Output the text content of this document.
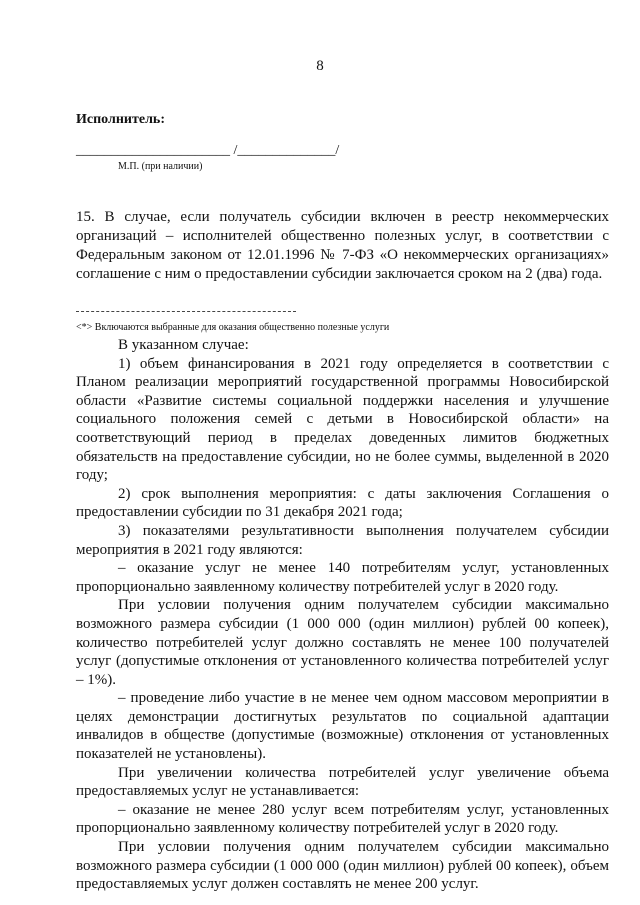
8
Исполнитель:
______________________ /______________/
М.П. (при наличии)
15. В случае, если получатель субсидии включен в реестр некоммерческих организаций – исполнителей общественно полезных услуг, в соответствии с Федеральным законом от 12.01.1996 № 7-ФЗ «О некоммерческих организациях» соглашение с ним о предоставлении субсидии заключается сроком на 2 (два) года.
<*> Включаются выбранные для оказания общественно полезные услуги

В указанном случае:

1) объем финансирования в 2021 году определяется в соответствии с Планом реализации мероприятий государственной программы Новосибирской области «Развитие системы социальной поддержки населения и улучшение социального положения семей с детьми в Новосибирской области» на соответствующий период в пределах доведенных лимитов бюджетных обязательств на предоставление субсидии, но не более суммы, выделенной в 2020 году;

2) срок выполнения мероприятия: с даты заключения Соглашения о предоставлении субсидии по 31 декабря 2021 года;

3) показателями результативности выполнения получателем субсидии мероприятия в 2021 году являются:

– оказание услуг не менее 140 потребителям услуг, установленных пропорционально заявленному количеству потребителей услуг в 2020 году.

При условии получения одним получателем субсидии максимально возможного размера субсидии (1 000 000 (один миллион) рублей 00 копеек), количество потребителей услуг должно составлять не менее 100 получателей услуг (допустимые отклонения от установленного количества потребителей услуг – 1%).

– проведение либо участие в не менее чем одном массовом мероприятии в целях демонстрации достигнутых результатов по социальной адаптации инвалидов в обществе (допустимые (возможные) отклонения от установленных показателей не установлены).

При увеличении количества потребителей услуг увеличение объема предоставляемых услуг не устанавливается:

– оказание не менее 280 услуг всем потребителям услуг, установленных пропорционально заявленному количеству потребителей услуг в 2020 году.

При условии получения одним получателем субсидии максимально возможного размера субсидии (1 000 000 (один миллион) рублей 00 копеек), объем предоставляемых услуг должен составлять не менее 200 услуг.
